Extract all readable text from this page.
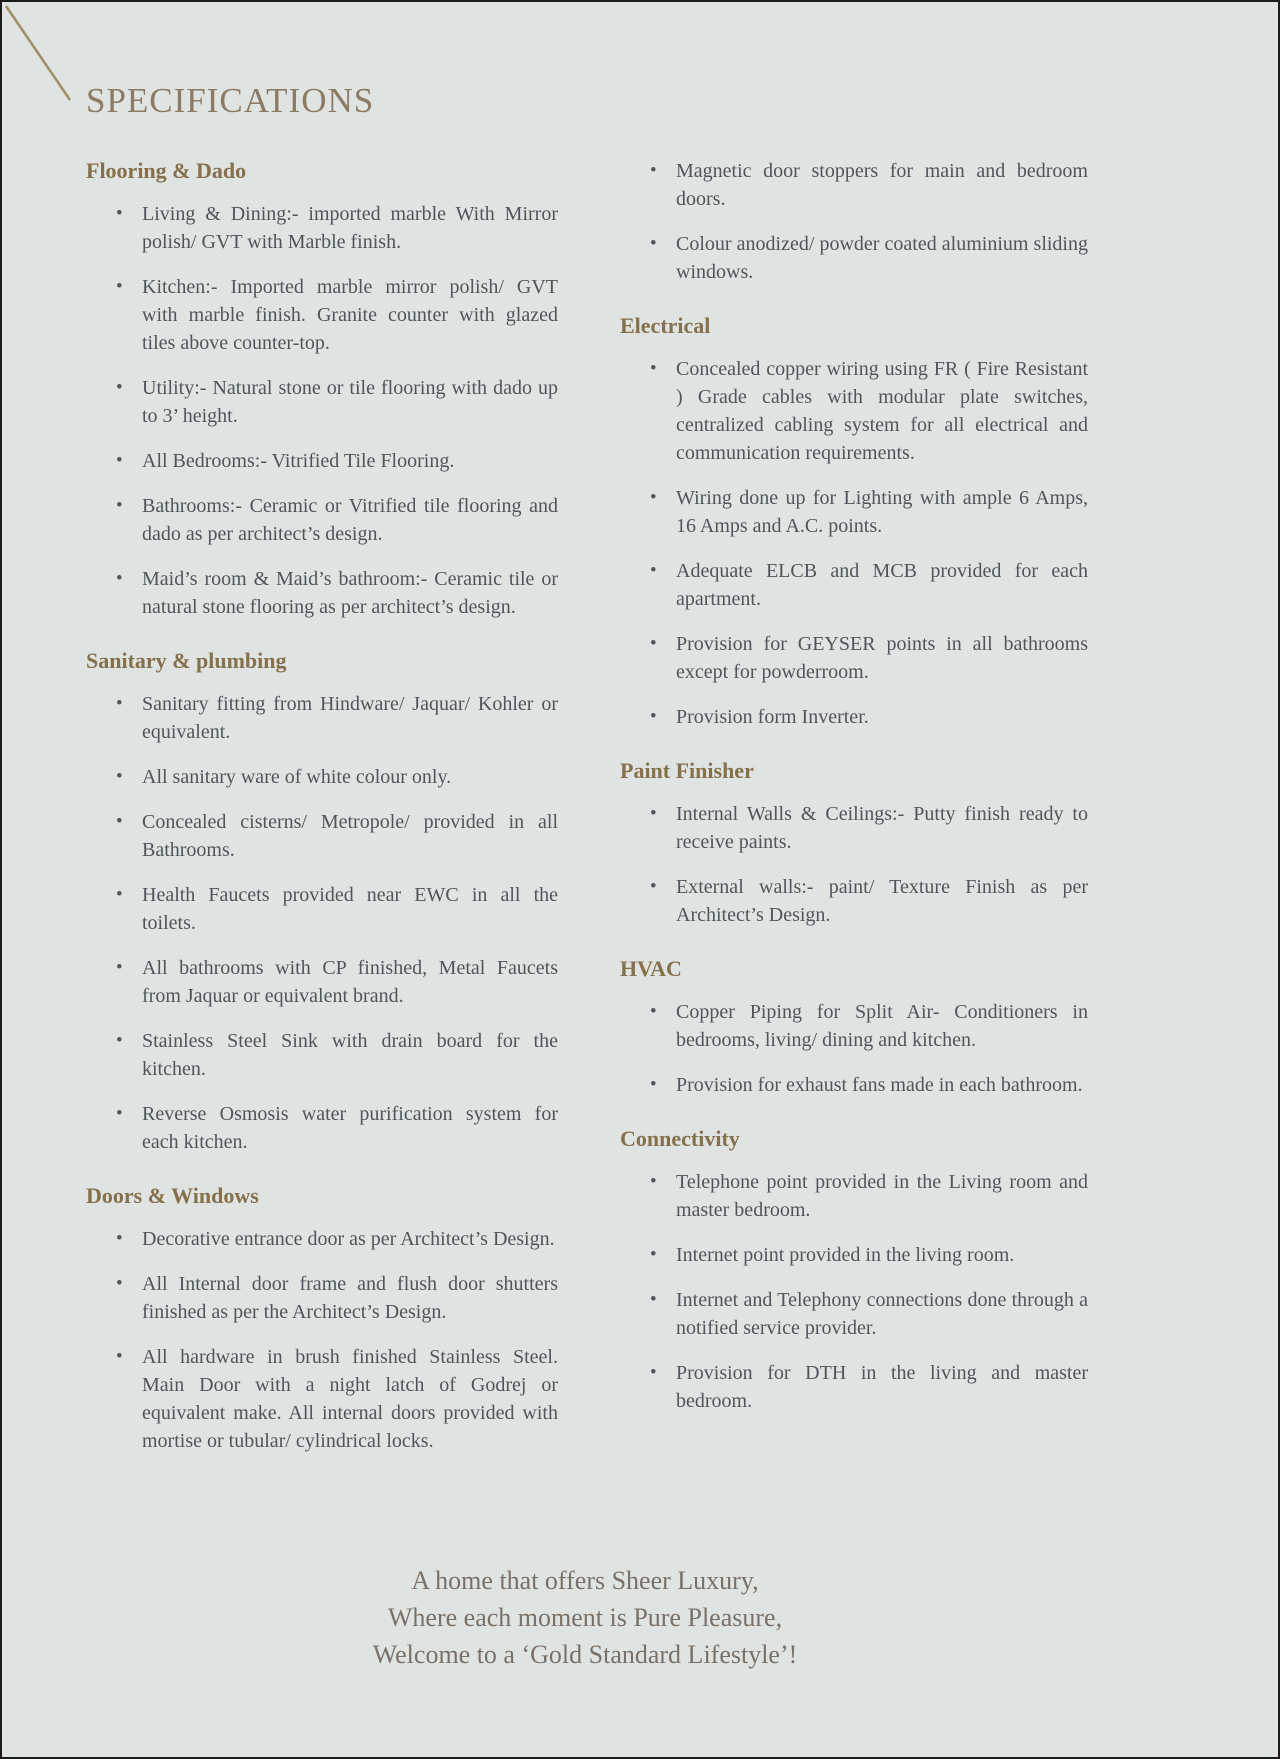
SPECIFICATIONS
Flooring & Dado
• Living & Dining:- imported marble With Mirror polish/ GVT with Marble finish.
• Kitchen:- Imported marble mirror polish/ GVT with marble finish. Granite counter with glazed tiles above counter-top.
• Utility:- Natural stone or tile flooring with dado up to 3’ height.
• All Bedrooms:- Vitrified Tile Flooring.
• Bathrooms:- Ceramic or Vitrified tile flooring and dado as per architect’s design.
• Maid’s room & Maid’s bathroom:- Ceramic tile or natural stone flooring as per architect’s design.
Sanitary & plumbing
• Sanitary fitting from Hindware/ Jaquar/ Kohler or equivalent.
• All sanitary ware of white colour only.
• Concealed cisterns/ Metropole/ provided in all Bathrooms.
• Health Faucets provided near EWC in all the toilets.
• All bathrooms with CP finished, Metal Faucets from Jaquar or equivalent brand.
• Stainless Steel Sink with drain board for the kitchen.
• Reverse Osmosis water purification system for each kitchen.
Doors & Windows
• Decorative entrance door as per Architect’s Design.
• All Internal door frame and flush door shutters finished as per the Architect’s Design.
• All hardware in brush finished Stainless Steel. Main Door with a night latch of Godrej or equivalent make. All internal doors provided with mortise or tubular/ cylindrical locks.
• Magnetic door stoppers for main and bedroom doors.
• Colour anodized/ powder coated aluminium sliding windows.
Electrical
• Concealed copper wiring using FR ( Fire Resistant ) Grade cables with modular plate switches, centralized cabling system for all electrical and communication requirements.
• Wiring done up for Lighting with ample 6 Amps, 16 Amps and A.C. points.
• Adequate ELCB and MCB provided for each apartment.
• Provision for GEYSER points in all bathrooms except for powderroom.
• Provision form Inverter.
Paint Finisher
• Internal Walls & Ceilings:- Putty finish ready to receive paints.
• External walls:- paint/ Texture Finish as per Architect’s Design.
HVAC
• Copper Piping for Split Air- Conditioners in bedrooms, living/ dining and kitchen.
• Provision for exhaust fans made in each bathroom.
Connectivity
• Telephone point provided in the Living room and master bedroom.
• Internet point provided in the living room.
• Internet and Telephony connections done through a notified service provider.
• Provision for DTH in the living and master bedroom.
A home that offers Sheer Luxury,
Where each moment is Pure Pleasure,
Welcome to a ‘Gold Standard Lifestyle’!
